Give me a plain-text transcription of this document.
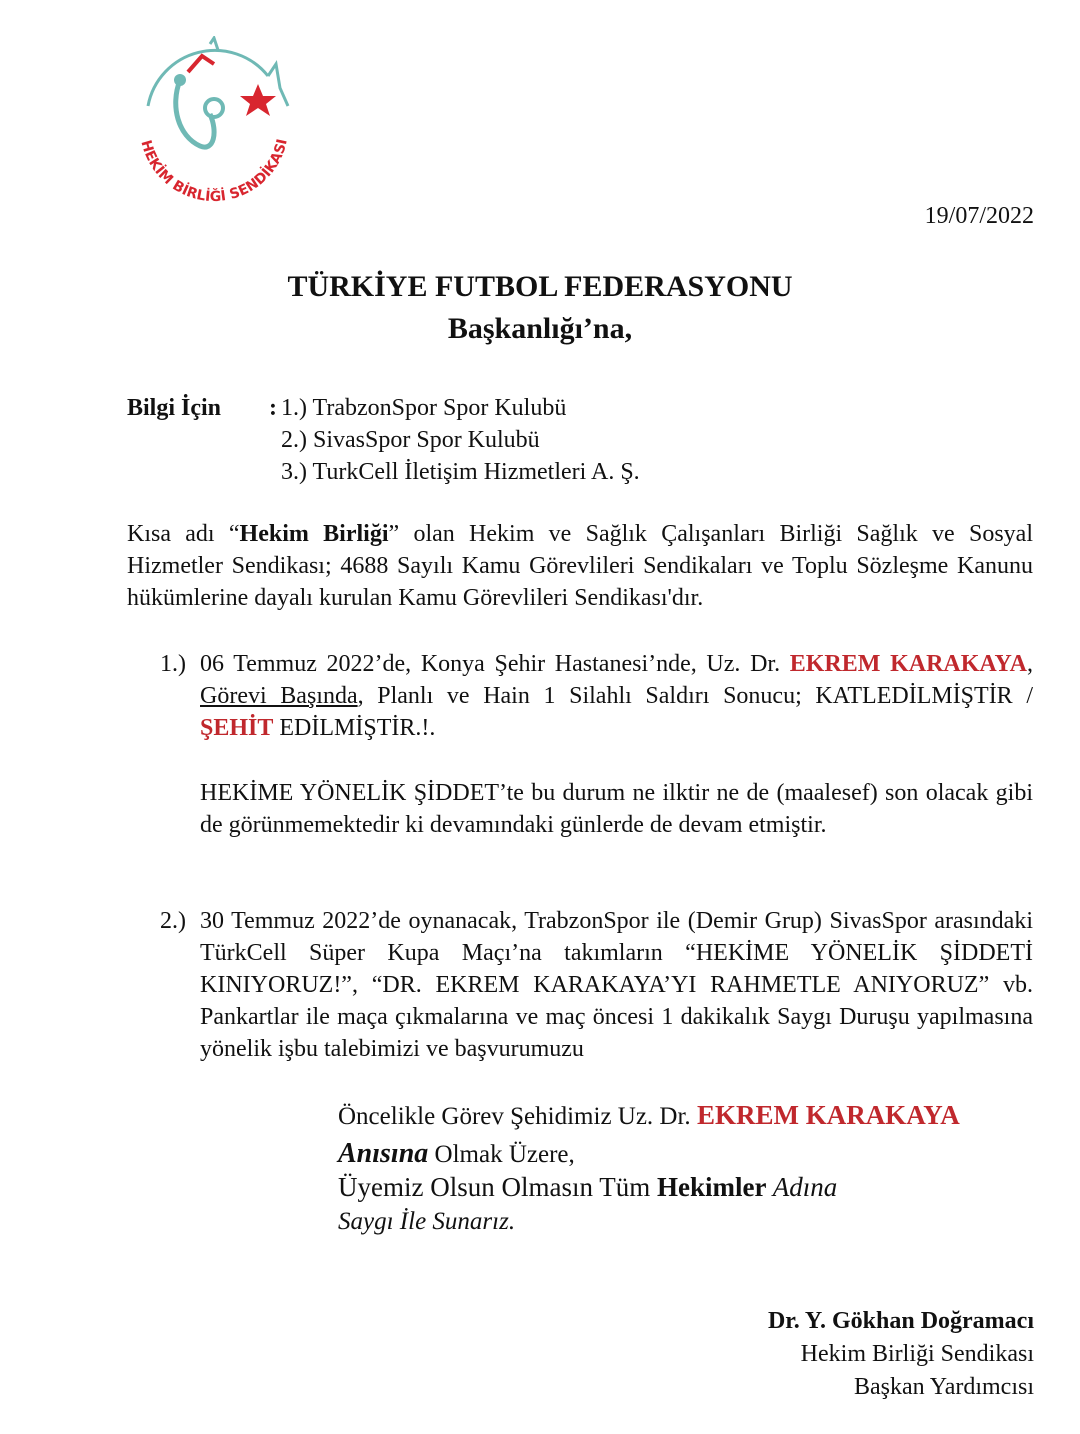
HEKİM BİRLİĞİ SENDİKASI
19/07/2022
TÜRKİYE FUTBOL FEDERASYONU
Başkanlığı’na,
Bilgi İçin : 1.) TrabzonSpor Spor Kulubü
2.) SivasSpor Spor Kulubü
3.) TurkCell İletişim Hizmetleri A. Ş.
Kısa adı “Hekim Birliği” olan Hekim ve Sağlık Çalışanları Birliği Sağlık ve Sosyal Hizmetler Sendikası; 4688 Sayılı Kamu Görevlileri Sendikaları ve Toplu Sözleşme Kanunu hükümlerine dayalı kurulan Kamu Görevlileri Sendikası'dır.
1.) 06 Temmuz 2022’de, Konya Şehir Hastanesi’nde, Uz. Dr. EKREM KARAKAYA, Görevi Başında, Planlı ve Hain 1 Silahlı Saldırı Sonucu; KATLEDİLMİŞTİR / ŞEHİT EDİLMİŞTİR.!.
HEKİME YÖNELİK ŞİDDET’te bu durum ne ilktir ne de (maalesef) son olacak gibi de görünmemektedir ki devamındaki günlerde de devam etmiştir.
2.) 30 Temmuz 2022’de oynanacak, TrabzonSpor ile (Demir Grup) SivasSpor arasındaki TürkCell Süper Kupa Maçı’na takımların “HEKİME YÖNELİK ŞİDDETİ KINIYORUZ!”, “DR. EKREM KARAKAYA’YI RAHMETLE ANIYORUZ” vb. Pankartlar ile maça çıkmalarına ve maç öncesi 1 dakikalık Saygı Duruşu yapılmasına yönelik işbu talebimizi ve başvurumuzu
Öncelikle Görev Şehidimiz Uz. Dr. EKREM KARAKAYA
Anısına Olmak Üzere,
Üyemiz Olsun Olmasın Tüm Hekimler Adına
Saygı İle Sunarız.
Dr. Y. Gökhan Doğramacı
Hekim Birliği Sendikası
Başkan Yardımcısı
